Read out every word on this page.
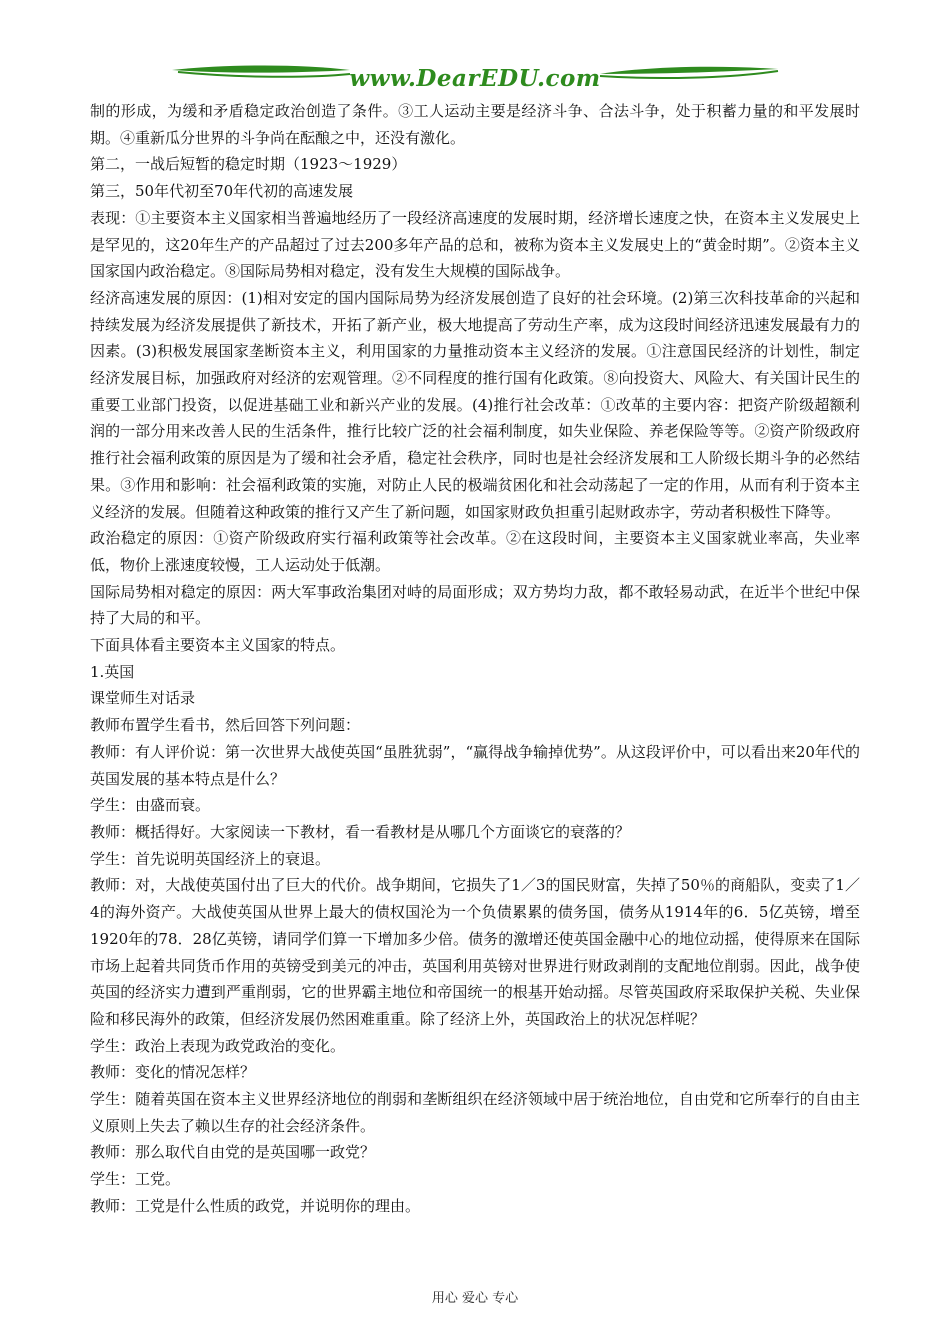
www.DearEDU.com

制的形成，为缓和矛盾稳定政治创造了条件。③工人运动主要是经济斗争、合法斗争，处于积蓄力量的和平发展时期。④重新瓜分世界的斗争尚在酝酿之中，还没有激化。

第二，一战后短暂的稳定时期（1923～1929）

第三，50年代初至70年代初的高速发展

表现：①主要资本主义国家相当普遍地经历了一段经济高速度的发展时期，经济增长速度之快，在资本主义发展史上是罕见的，这20年生产的产品超过了过去200多年产品的总和，被称为资本主义发展史上的“黄金时期”。②资本主义国家国内政治稳定。⑧国际局势相对稳定，没有发生大规模的国际战争。

经济高速发展的原因：(1)相对安定的国内国际局势为经济发展创造了良好的社会环境。(2)第三次科技革命的兴起和持续发展为经济发展提供了新技术，开拓了新产业，极大地提高了劳动生产率，成为这段时间经济迅速发展最有力的因素。(3)积极发展国家垄断资本主义，利用国家的力量推动资本主义经济的发展。①注意国民经济的计划性，制定经济发展目标，加强政府对经济的宏观管理。②不同程度的推行国有化政策。⑧向投资大、风险大、有关国计民生的重要工业部门投资，以促进基础工业和新兴产业的发展。(4)推行社会改革：①改革的主要内容：把资产阶级超额利润的一部分用来改善人民的生活条件，推行比较广泛的社会福利制度，如失业保险、养老保险等等。②资产阶级政府推行社会福利政策的原因是为了缓和社会矛盾，稳定社会秩序，同时也是社会经济发展和工人阶级长期斗争的必然结果。③作用和影响：社会福利政策的实施，对防止人民的极端贫困化和社会动荡起了一定的作用，从而有利于资本主义经济的发展。但随着这种政策的推行又产生了新问题，如国家财政负担重引起财政赤字，劳动者积极性下降等。

政治稳定的原因：①资产阶级政府实行福利政策等社会改革。②在这段时间，主要资本主义国家就业率高，失业率低，物价上涨速度较慢，工人运动处于低潮。

国际局势相对稳定的原因：两大军事政治集团对峙的局面形成；双方势均力敌，都不敢轻易动武，在近半个世纪中保持了大局的和平。

下面具体看主要资本主义国家的特点。

1.英国

课堂师生对话录

教师布置学生看书，然后回答下列问题：

教师：有人评价说：第一次世界大战使英国“虽胜犹弱”，“赢得战争输掉优势”。从这段评价中，可以看出来20年代的英国发展的基本特点是什么？

学生：由盛而衰。

教师：概括得好。大家阅读一下教材，看一看教材是从哪几个方面谈它的衰落的？

学生：首先说明英国经济上的衰退。

教师：对，大战使英国付出了巨大的代价。战争期间，它损失了1／3的国民财富，失掉了50％的商船队，变卖了1／4的海外资产。大战使英国从世界上最大的债权国沦为一个负债累累的债务国，债务从1914年的6．5亿英镑，增至1920年的78．28亿英镑，请同学们算一下增加多少倍。债务的激增还使英国金融中心的地位动摇，使得原来在国际市场上起着共同货币作用的英镑受到美元的冲击，英国利用英镑对世界进行财政剥削的支配地位削弱。因此，战争使英国的经济实力遭到严重削弱，它的世界霸主地位和帝国统一的根基开始动摇。尽管英国政府采取保护关税、失业保险和移民海外的政策，但经济发展仍然困难重重。除了经济上外，英国政治上的状况怎样呢？

学生：政治上表现为政党政治的变化。

教师：变化的情况怎样？

学生：随着英国在资本主义世界经济地位的削弱和垄断组织在经济领域中居于统治地位，自由党和它所奉行的自由主义原则上失去了赖以生存的社会经济条件。

教师：那么取代自由党的是英国哪一政党？

学生：工党。

教师：工党是什么性质的政党，并说明你的理由。

用心 爱心 专心
